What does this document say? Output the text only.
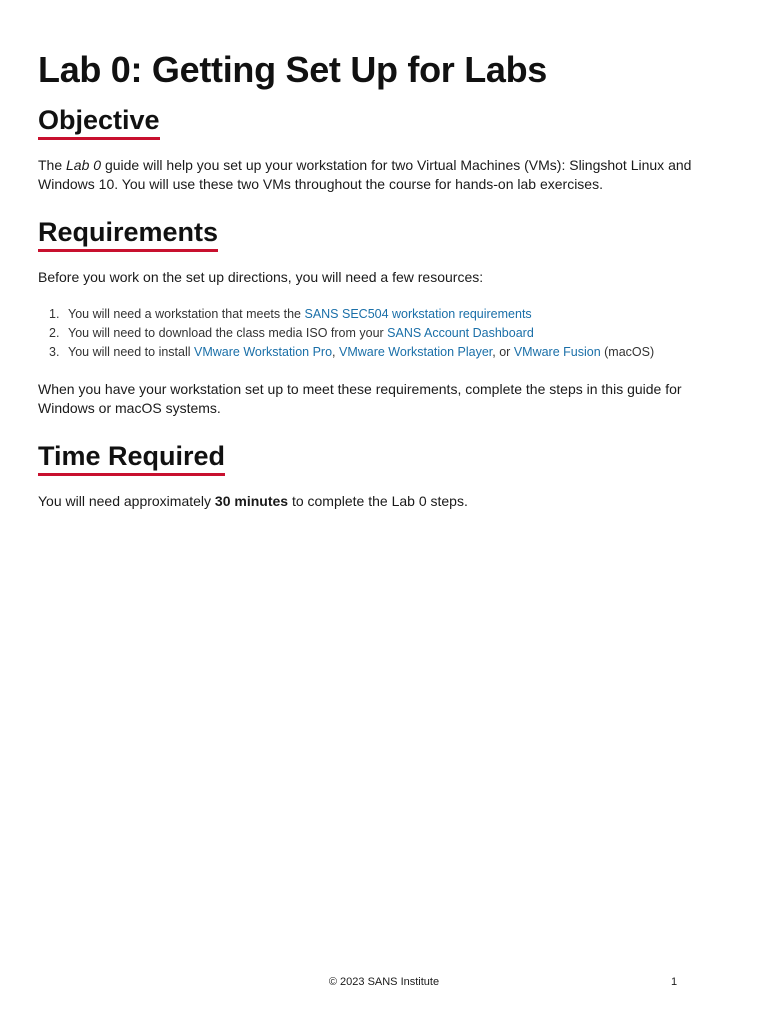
Lab 0: Getting Set Up for Labs
Objective

The Lab 0 guide will help you set up your workstation for two Virtual Machines (VMs): Slingshot Linux and Windows 10. You will use these two VMs throughout the course for hands-on lab exercises.

Requirements

Before you work on the set up directions, you will need a few resources:

1. You will need a workstation that meets the SANS SEC504 workstation requirements
2. You will need to download the class media ISO from your SANS Account Dashboard
3. You will need to install VMware Workstation Pro, VMware Workstation Player, or VMware Fusion (macOS)

When you have your workstation set up to meet these requirements, complete the steps in this guide for Windows or macOS systems.

Time Required

You will need approximately 30 minutes to complete the Lab 0 steps.

© 2023 SANS Institute	1
